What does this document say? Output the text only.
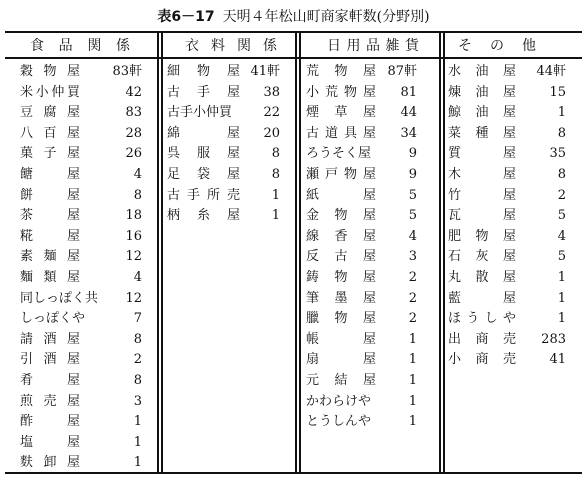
表6－17 天明４年松山町商家軒数(分野別)
食品関係
穀物屋 83軒
米小仲買	42
豆腐屋	83
八百屋	28
菓子屋	26
餹屋	4
餅屋	8
茶屋	18
糀屋	16
素麺屋	12
麵類屋	4
同しっぽく共 12
しっぽくや	7
請酒屋	8
引酒屋	2
肴屋	8
煎売屋	3
酢屋	1
塩屋	1
麩卸屋	1
衣料関係
細物屋 41軒
古手屋 38
古手小仲買 22
綿屋 20
呉服屋 8
足袋屋 8
古手所売 1
柄糸屋 1
日用品雑貨
荒物屋 87軒
小荒物屋 81
煙草屋 44
古道具屋 34
ろうそく屋	9
瀬戸物屋	9
紙屋	5
金物屋	5
線香屋	4
反古屋	3
鋳物屋	2
筆墨屋	2
臘物屋	2
帳屋	1
扇屋	1
元結屋	1
かわらけや	1
とうしんや	1
その他
水油屋 44軒
煉油屋	15
鯨油屋	1
菜種屋	8
質屋	35
木屋	8
竹屋	2
瓦屋	5
肥物屋	4
石灰屋	5
丸散屋	1
藍屋	1
ほうしや	1
出商売 283
小商売	41
